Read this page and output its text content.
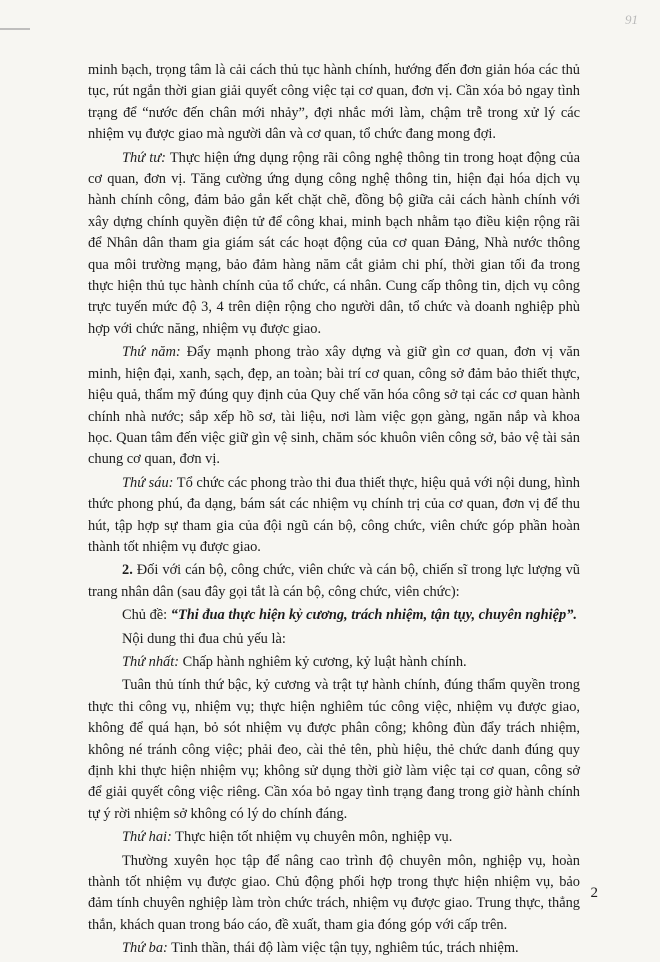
91

minh bạch, trọng tâm là cải cách thủ tục hành chính, hướng đến đơn giản hóa các thủ tục, rút ngắn thời gian giải quyết công việc tại cơ quan, đơn vị. Cần xóa bỏ ngay tình trạng để “nước đến chân mới nhảy”, đợi nhắc mới làm, chậm trễ trong xử lý các nhiệm vụ được giao mà người dân và cơ quan, tổ chức đang mong đợi.

Thứ tư: Thực hiện ứng dụng rộng rãi công nghệ thông tin trong hoạt động của cơ quan, đơn vị. Tăng cường ứng dụng công nghệ thông tin, hiện đại hóa dịch vụ hành chính công, đảm bảo gắn kết chặt chẽ, đồng bộ giữa cải cách hành chính với xây dựng chính quyền điện tử để công khai, minh bạch nhằm tạo điều kiện rộng rãi để Nhân dân tham gia giám sát các hoạt động của cơ quan Đảng, Nhà nước thông qua môi trường mạng, bảo đảm hàng năm cắt giảm chi phí, thời gian tối đa trong thực hiện thủ tục hành chính của tổ chức, cá nhân. Cung cấp thông tin, dịch vụ công trực tuyến mức độ 3, 4 trên diện rộng cho người dân, tổ chức và doanh nghiệp phù hợp với chức năng, nhiệm vụ được giao.

Thứ năm: Đẩy mạnh phong trào xây dựng và giữ gìn cơ quan, đơn vị văn minh, hiện đại, xanh, sạch, đẹp, an toàn; bài trí cơ quan, công sở đảm bảo thiết thực, hiệu quả, thẩm mỹ đúng quy định của Quy chế văn hóa công sở tại các cơ quan hành chính nhà nước; sắp xếp hồ sơ, tài liệu, nơi làm việc gọn gàng, ngăn nắp và khoa học. Quan tâm đến việc giữ gìn vệ sinh, chăm sóc khuôn viên công sở, bảo vệ tài sản chung cơ quan, đơn vị.

Thứ sáu: Tổ chức các phong trào thi đua thiết thực, hiệu quả với nội dung, hình thức phong phú, đa dạng, bám sát các nhiệm vụ chính trị của cơ quan, đơn vị để thu hút, tập hợp sự tham gia của đội ngũ cán bộ, công chức, viên chức góp phần hoàn thành tốt nhiệm vụ được giao.

2. Đối với cán bộ, công chức, viên chức và cán bộ, chiến sĩ trong lực lượng vũ trang nhân dân (sau đây gọi tắt là cán bộ, công chức, viên chức):

Chủ đề: “Thi đua thực hiện kỷ cương, trách nhiệm, tận tụy, chuyên nghiệp”.

Nội dung thi đua chủ yếu là:

Thứ nhất: Chấp hành nghiêm kỷ cương, kỷ luật hành chính.

Tuân thủ tính thứ bậc, kỷ cương và trật tự hành chính, đúng thẩm quyền trong thực thi công vụ, nhiệm vụ; thực hiện nghiêm túc công việc, nhiệm vụ được giao, không để quá hạn, bỏ sót nhiệm vụ được phân công; không đùn đẩy trách nhiệm, không né tránh công việc; phải đeo, cài thẻ tên, phù hiệu, thẻ chức danh đúng quy định khi thực hiện nhiệm vụ; không sử dụng thời giờ làm việc tại cơ quan, công sở để giải quyết công việc riêng. Cần xóa bỏ ngay tình trạng đang trong giờ hành chính tự ý rời nhiệm sở không có lý do chính đáng.

Thứ hai: Thực hiện tốt nhiệm vụ chuyên môn, nghiệp vụ.

Thường xuyên học tập để nâng cao trình độ chuyên môn, nghiệp vụ, hoàn thành tốt nhiệm vụ được giao. Chủ động phối hợp trong thực hiện nhiệm vụ, bảo đảm tính chuyên nghiệp làm tròn chức trách, nhiệm vụ được giao. Trung thực, thẳng thắn, khách quan trong báo cáo, đề xuất, tham gia đóng góp với cấp trên.

Thứ ba: Tinh thần, thái độ làm việc tận tụy, nghiêm túc, trách nhiệm.

2
